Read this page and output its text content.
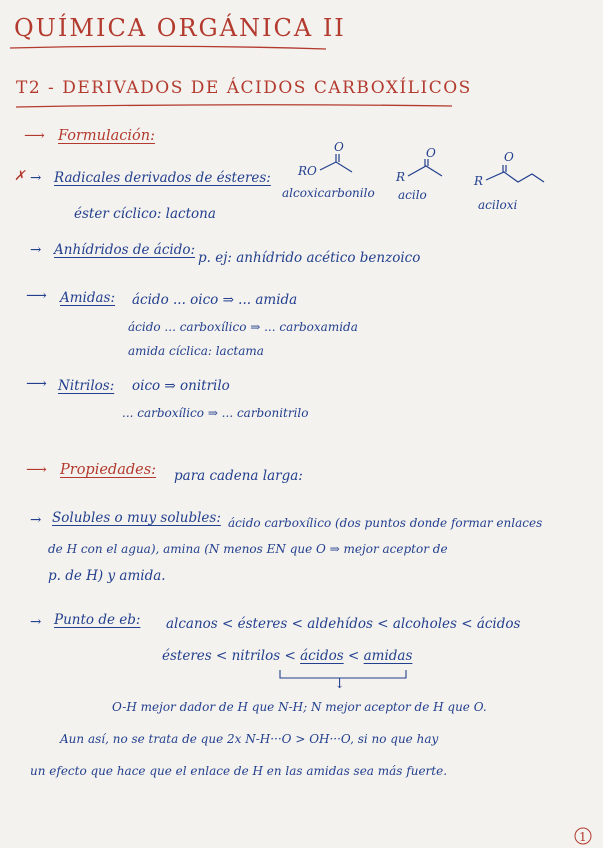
QUÍMICA ORGÁNICA II
T2 - DERIVADOS DE ÁCIDOS CARBOXÍLICOS
⟶ Formulación:
✗ → Radicales derivados de ésteres:
alcoxicarbonilo acilo
aciloxi
RO
O
R
O
R
O
éster cíclico: lactona
→ Anhídridos de ácido: p. ej: anhídrido acético benzoico
⟶ Amidas: ácido ... oico ⇒ ... amida
ácido ... carboxílico ⇒ ... carboxamida
amida cíclica: lactama
⟶ Nitrilos: oico ⇒ onitrilo
... carboxílico ⇒ ... carbonitrilo
⟶ Propiedades: para cadena larga:
→ Solubles o muy solubles: ácido carboxílico (dos puntos donde formar enlaces
de H con el agua), amina (N menos EN que O ⇒ mejor aceptor de
p. de H) y amida.
→ Punto de eb: alcanos < ésteres < aldehídos < alcoholes < ácidos
ésteres < nitrilos < ácidos < amidas
↓
O-H mejor dador de H que N-H; N mejor aceptor de H que O.
Aun así, no se trata de que 2x N-H···O > OH···O, si no que hay
un efecto que hace que el enlace de H en las amidas sea más fuerte.
1
